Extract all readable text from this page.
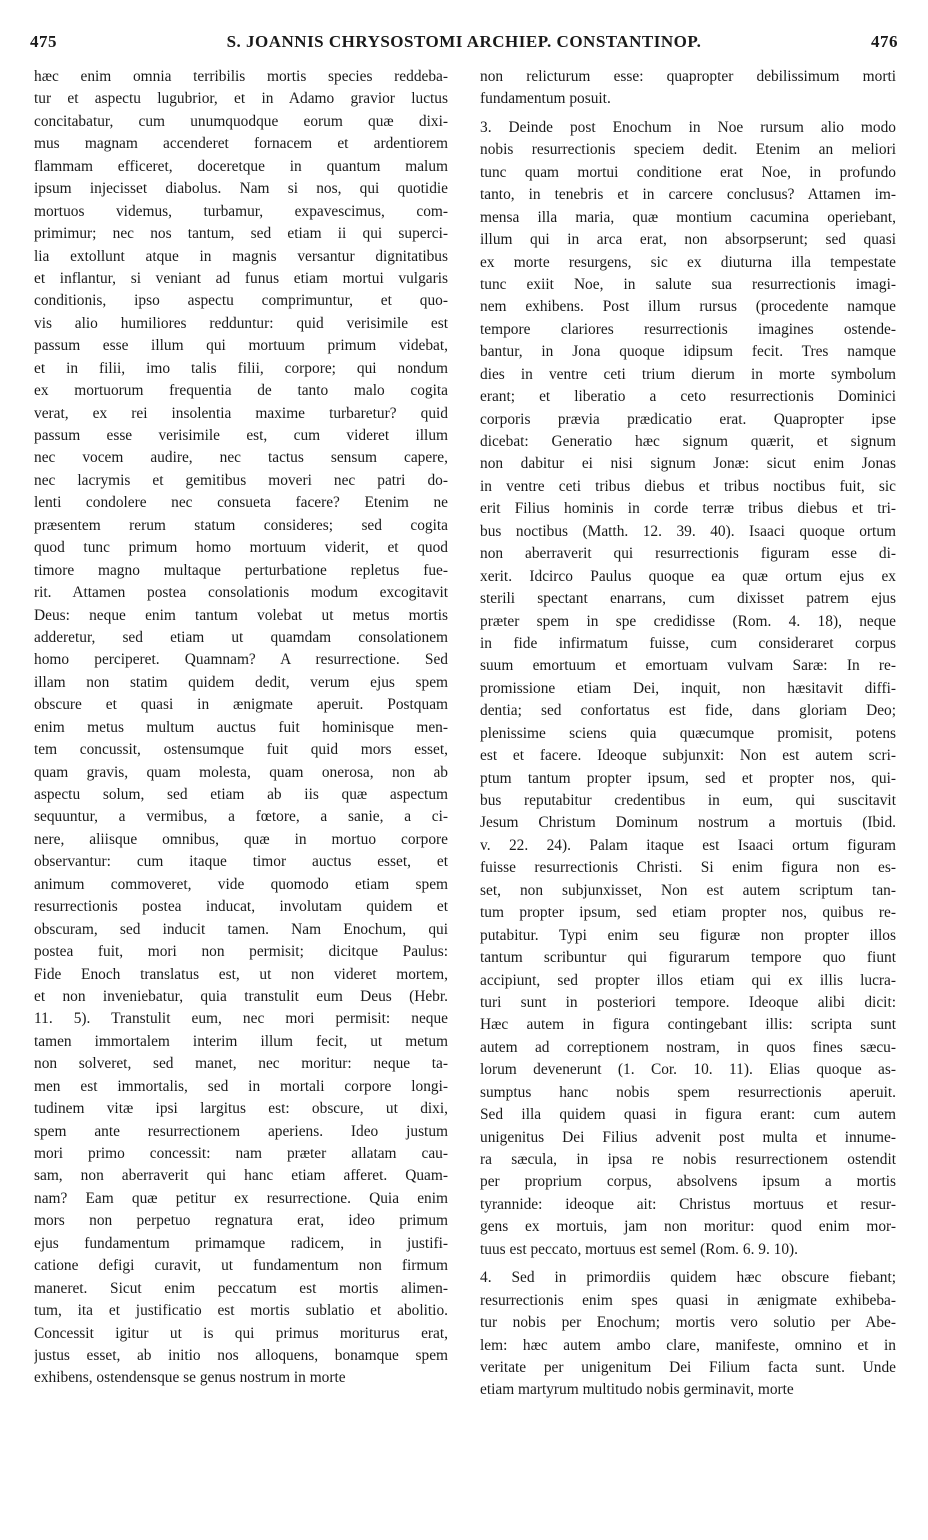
475	S. JOANNIS CHRYSOSTOMI ARCHIEP. CONSTANTINOP.	476
hæc enim omnia terribilis mortis species reddeba-
tur et aspectu lugubrior, et in Adamo gravior luctus
concitabatur, cum unumquodque eorum quæ dixi-
mus magnam accenderet fornacem et ardentiorem
flammam efficeret, doceretque in quantum malum
ipsum injecisset diabolus. Nam si nos, qui quotidie
mortuos videmus, turbamur, expavescimus, com-
primimur; nec nos tantum, sed etiam ii qui superci-
lia extollunt atque in magnis versantur dignitatibus
et inflantur, si veniant ad funus etiam mortui vulgaris
conditionis, ipso aspectu comprimuntur, et quo-
vis alio humiliores redduntur: quid verisimile est
passum esse illum qui mortuum primum videbat,
et in filii, imo talis filii, corpore; qui nondum
ex mortuorum frequentia de tanto malo cogita
verat, ex rei insolentia maxime turbaretur? quid
passum esse verisimile est, cum videret illum
nec vocem audire, nec tactus sensum capere,
nec lacrymis et gemitibus moveri nec patri do-
lenti condolere nec consueta facere? Etenim ne
præsentem rerum statum consideres; sed cogita
quod tunc primum homo mortuum viderit, et quod
timore magno multaque perturbatione repletus fue-
rit. Attamen postea consolationis modum excogitavit
Deus: neque enim tantum volebat ut metus mortis
adderetur, sed etiam ut quamdam consolationem
homo perciperet. Quamnam? A resurrectione. Sed
illam non statim quidem dedit, verum ejus spem
obscure et quasi in ænigmate aperuit. Postquam
enim metus multum auctus fuit hominisque men-
tem concussit, ostensumque fuit quid mors esset,
quam gravis, quam molesta, quam onerosa, non ab
aspectu solum, sed etiam ab iis quæ aspectum
sequuntur, a vermibus, a fœtore, a sanie, a ci-
nere, aliisque omnibus, quæ in mortuo corpore
observantur: cum itaque timor auctus esset, et
animum commoveret, vide quomodo etiam spem
resurrectionis postea inducat, involutam quidem et
obscuram, sed inducit tamen. Nam Enochum, qui
postea fuit, mori non permisit; dicitque Paulus:
Fide Enoch translatus est, ut non videret mortem,
et non inveniebatur, quia transtulit eum Deus (Hebr.
11. 5). Transtulit eum, nec mori permisit: neque
tamen immortalem interim illum fecit, ut metum
non solveret, sed manet, nec moritur: neque ta-
men est immortalis, sed in mortali corpore longi-
tudinem vitæ ipsi largitus est: obscure, ut dixi,
spem ante resurrectionem aperiens. Ideo justum
mori primo concessit: nam præter allatam cau-
sam, non aberraverit qui hanc etiam afferet. Quam-
nam? Eam quæ petitur ex resurrectione. Quia enim
mors non perpetuo regnatura erat, ideo primum
ejus fundamentum primamque radicem, in justifi-
catione defigi curavit, ut fundamentum non firmum
maneret. Sicut enim peccatum est mortis alimen-
tum, ita et justificatio est mortis sublatio et abolitio.
Concessit igitur ut is qui primus moriturus erat,
justus esset, ab initio nos alloquens, bonamque spem
exhibens, ostendensque se genus nostrum in morte
non relicturum esse: quapropter debilissimum morti
fundamentum posuit.
3. Deinde post Enochum in Noe rursum alio modo
nobis resurrectionis speciem dedit. Etenim an meliori
tunc quam mortui conditione erat Noe, in profundo
tanto, in tenebris et in carcere conclusus? Attamen im-
mensa illa maria, quæ montium cacumina operiebant,
illum qui in arca erat, non absorpserunt; sed quasi
ex morte resurgens, sic ex diuturna illa tempestate
tunc exiit Noe, in salute sua resurrectionis imagi-
nem exhibens. Post illum rursus (procedente namque
tempore clariores resurrectionis imagines ostende-
bantur, in Jona quoque idipsum fecit. Tres namque
dies in ventre ceti trium dierum in morte symbolum
erant; et liberatio a ceto resurrectionis Dominici
corporis prævia prædicatio erat. Quapropter ipse
dicebat: Generatio hæc signum quærit, et signum
non dabitur ei nisi signum Jonæ: sicut enim Jonas
in ventre ceti tribus diebus et tribus noctibus fuit, sic
erit Filius hominis in corde terræ tribus diebus et tri-
bus noctibus (Matth. 12. 39. 40). Isaaci quoque ortum
non aberraverit qui resurrectionis figuram esse di-
xerit. Idcirco Paulus quoque ea quæ ortum ejus ex
sterili spectant enarrans, cum dixisset patrem ejus
præter spem in spe credidisse (Rom. 4. 18), neque
in fide infirmatum fuisse, cum consideraret corpus
suum emortuum et emortuam vulvam Saræ: In re-
promissione etiam Dei, inquit, non hæsitavit diffi-
dentia; sed confortatus est fide, dans gloriam Deo;
plenissime sciens quia quæcumque promisit, potens
est et facere. Ideoque subjunxit: Non est autem scri-
ptum tantum propter ipsum, sed et propter nos, qui-
bus reputabitur credentibus in eum, qui suscitavit
Jesum Christum Dominum nostrum a mortuis (Ibid.
v. 22. 24). Palam itaque est Isaaci ortum figuram
fuisse resurrectionis Christi. Si enim figura non es-
set, non subjunxisset, Non est autem scriptum tan-
tum propter ipsum, sed etiam propter nos, quibus re-
putabitur. Typi enim seu figuræ non propter illos
tantum scribuntur qui figurarum tempore quo fiunt
accipiunt, sed propter illos etiam qui ex illis lucra-
turi sunt in posteriori tempore. Ideoque alibi dicit:
Hæc autem in figura contingebant illis: scripta sunt
autem ad correptionem nostram, in quos fines sæcu-
lorum devenerunt (1. Cor. 10. 11). Elias quoque as-
sumptus hanc nobis spem resurrectionis aperuit.
Sed illa quidem quasi in figura erant: cum autem
unigenitus Dei Filius advenit post multa et innume-
ra sæcula, in ipsa re nobis resurrectionem ostendit
per proprium corpus, absolvens ipsum a mortis
tyrannide: ideoque ait: Christus mortuus et resur-
gens ex mortuis, jam non moritur: quod enim mor-
tuus est peccato, mortuus est semel (Rom. 6. 9. 10).
4. Sed in primordiis quidem hæc obscure fiebant;
resurrectionis enim spes quasi in ænigmate exhibeba-
tur nobis per Enochum; mortis vero solutio per Abe-
lem: hæc autem ambo clare, manifeste, omnino et in
veritate per unigenitum Dei Filium facta sunt. Unde
etiam martyrum multitudo nobis germinavit, morte
